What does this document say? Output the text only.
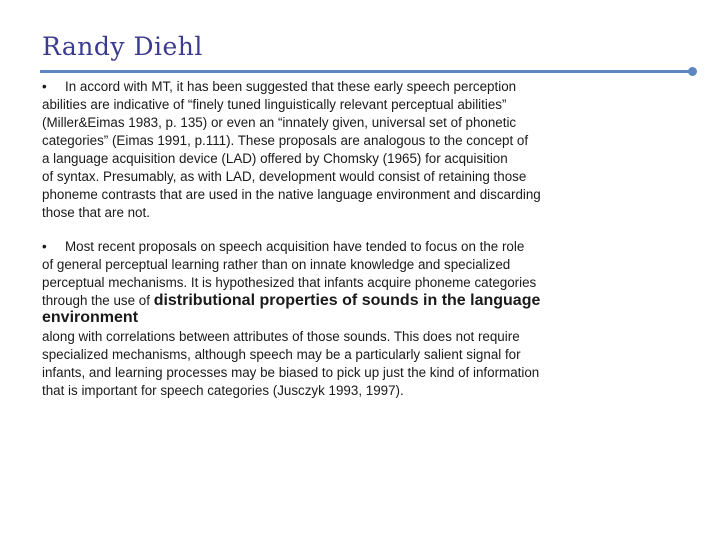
Randy Diehl

• In accord with MT, it has been suggested that these early speech perception
abilities are indicative of “finely tuned linguistically relevant perceptual abilities”
(Miller&Eimas 1983, p. 135) or even an “innately given, universal set of phonetic
categories” (Eimas 1991, p.111). These proposals are analogous to the concept of
a language acquisition device (LAD) offered by Chomsky (1965) for acquisition
of syntax. Presumably, as with LAD, development would consist of retaining those
phoneme contrasts that are used in the native language environment and discarding
those that are not.

• Most recent proposals on speech acquisition have tended to focus on the role
of general perceptual learning rather than on innate knowledge and specialized
perceptual mechanisms. It is hypothesized that infants acquire phoneme categories
through the use of distributional properties of sounds in the language environment
along with correlations between attributes of those sounds. This does not require
specialized mechanisms, although speech may be a particularly salient signal for
infants, and learning processes may be biased to pick up just the kind of information
that is important for speech categories (Jusczyk 1993, 1997).
